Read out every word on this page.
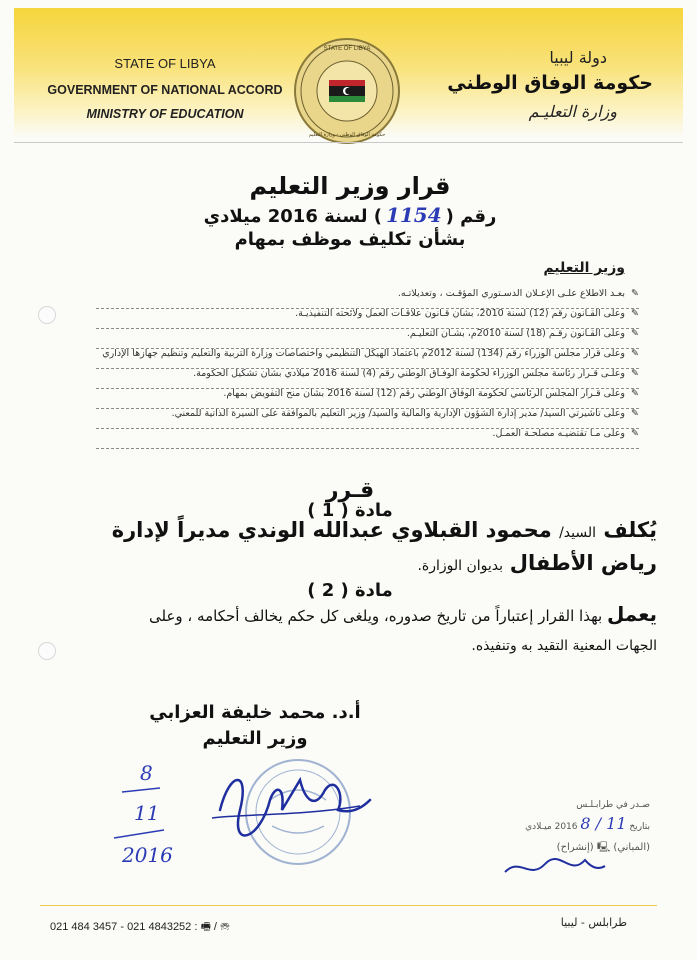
STATE OF LIBYA
GOVERNMENT OF NATIONAL ACCORD
MINISTRY OF EDUCATION
دولة ليبيا
حكومة الوفاق الوطني
وزارة التعليـم
STATE OF LIBYA
حكومة الوفاق الوطني - وزارة التعليم
قرار وزير التعليم
رقم (1154) لسنة 2016 ميلادي
بشأن تكليف موظف بمهام
وزير التعليم
✎بعـد الاطلاع علـى الإعـلان الدسـتوري المؤقـت ، وتعديلاتـه.
✎وعلى القـانون رقم (12) لسنة 2010، بشأن قـانون علاقـات العمل ولائحته التنفيذيـة.
✎وعلى القـانون رقـم (18) لسنة 2010م، بشـأن التعليـم.
✎وعلى قرار مجلس الوزراء رقم (134) لسنة 2012م باعتماد الهيكل التنظيمي واختصاصات وزارة التربية والتعليم وتنظيم جهازها الإداري
✎وعلـى قـرار رئاسة مجلس الوزراء لحكومة الوفـاق الوطني رقم (4) لسنة 2016 ميلادي بشأن تشكيل الحكومة.
✎وعلى قـرار المجلس الرئاسي لحكومة الوفاق الوطني رقم (12) لسنة 2016 بشأن منح التفويض بمهام.
✎وعلى تأشيرتي السيد/ مدير إدارة الشؤون الإدارية والمالية والسيد/ وزير التعليم بالموافقة على السيرة الذاتية للمعني.
✎وعلى مـا تقتضيـه مصلحـة العمـل.
قـرر
مادة ( 1 )
يُكلف السيد/ محمود القبلاوي عبدالله الوندي مديراً لإدارة
رياض الأطفال بديوان الوزارة.
مادة ( 2 )
يعمل بهذا القرار إعتباراً من تاريخ صدوره، ويلغى كل حكم يخالف أحكامه ، وعلى
الجهات المعنية التقيد به وتنفيذه.
أ.د. محمد خليفة العزابي
وزير التعليم
8
11
2016
صـدر في طرابـلـس
بتاريخ 11 / 8 2016 ميـلادي
(المباني) 🖳 (إنشراح)
021 484 3457 - 021 4843252 : 🖷 / ☏	طرابلس - ليبيا
